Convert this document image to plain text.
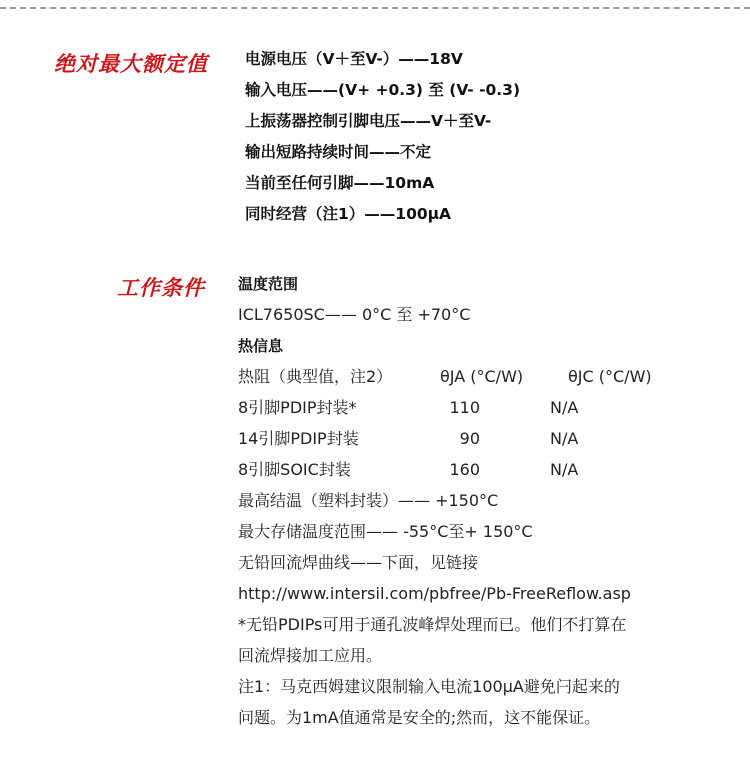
绝对最大额定值 电源电压（V＋至V-）——18V
输入电压——(V+ +0.3) 至 (V- -0.3)
上振荡器控制引脚电压——V＋至V-
输出短路持续时间——不定
当前至任何引脚——10mA
同时经营（注1）——100μA
工作条件 温度范围
ICL7650SC—— 0°C 至 +70°C
热信息
热阻（典型值，注2）	θJA (°C/W)	θJC (°C/W)
8引脚PDIP封装*	110	N/A
14引脚PDIP封装	90	N/A
8引脚SOIC封装	160	N/A
最高结温（塑料封装）—— +150°C
最大存储温度范围—— -55°C至+ 150°C
无铅回流焊曲线——下面，见链接
http://www.intersil.com/pbfree/Pb-FreeReflow.asp
*无铅PDIPs可用于通孔波峰焊处理而已。他们不打算在
回流焊接加工应用。
注1：马克西姆建议限制输入电流100μA避免闩起来的
问题。为1mA值通常是安全的;然而，这不能保证。
